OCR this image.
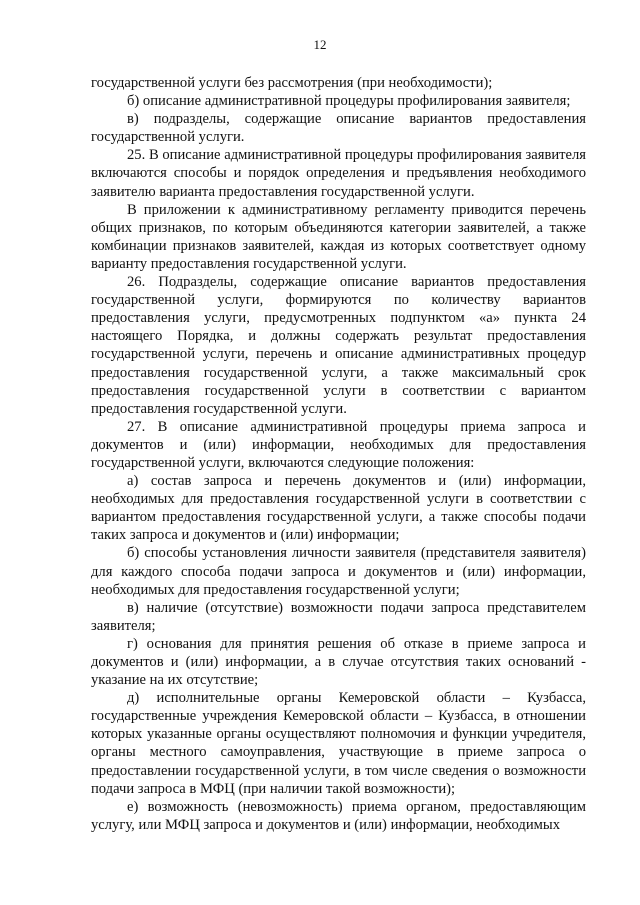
12

государственной услуги без рассмотрения (при необходимости);

б) описание административной процедуры профилирования заявителя;

в) подразделы, содержащие описание вариантов предоставления государственной услуги.

25. В описание административной процедуры профилирования заявителя включаются способы и порядок определения и предъявления необходимого заявителю варианта предоставления государственной услуги.

В приложении к административному регламенту приводится перечень общих признаков, по которым объединяются категории заявителей, а также комбинации признаков заявителей, каждая из которых соответствует одному варианту предоставления государственной услуги.

26. Подразделы, содержащие описание вариантов предоставления государственной услуги, формируются по количеству вариантов предоставления услуги, предусмотренных подпунктом «а» пункта 24 настоящего Порядка, и должны содержать результат предоставления государственной услуги, перечень и описание административных процедур предоставления государственной услуги, а также максимальный срок предоставления государственной услуги в соответствии с вариантом предоставления государственной услуги.

27. В описание административной процедуры приема запроса и документов и (или) информации, необходимых для предоставления государственной услуги, включаются следующие положения:

а) состав запроса и перечень документов и (или) информации, необходимых для предоставления государственной услуги в соответствии с вариантом предоставления государственной услуги, а также способы подачи таких запроса и документов и (или) информации;

б) способы установления личности заявителя (представителя заявителя) для каждого способа подачи запроса и документов и (или) информации, необходимых для предоставления государственной услуги;

в) наличие (отсутствие) возможности подачи запроса представителем заявителя;

г) основания для принятия решения об отказе в приеме запроса и документов и (или) информации, а в случае отсутствия таких оснований - указание на их отсутствие;

д) исполнительные органы Кемеровской области – Кузбасса, государственные учреждения Кемеровской области – Кузбасса, в отношении которых указанные органы осуществляют полномочия и функции учредителя, органы местного самоуправления, участвующие в приеме запроса о предоставлении государственной услуги, в том числе сведения о возможности подачи запроса в МФЦ (при наличии такой возможности);

е) возможность (невозможность) приема органом, предоставляющим услугу, или МФЦ запроса и документов и (или) информации, необходимых
